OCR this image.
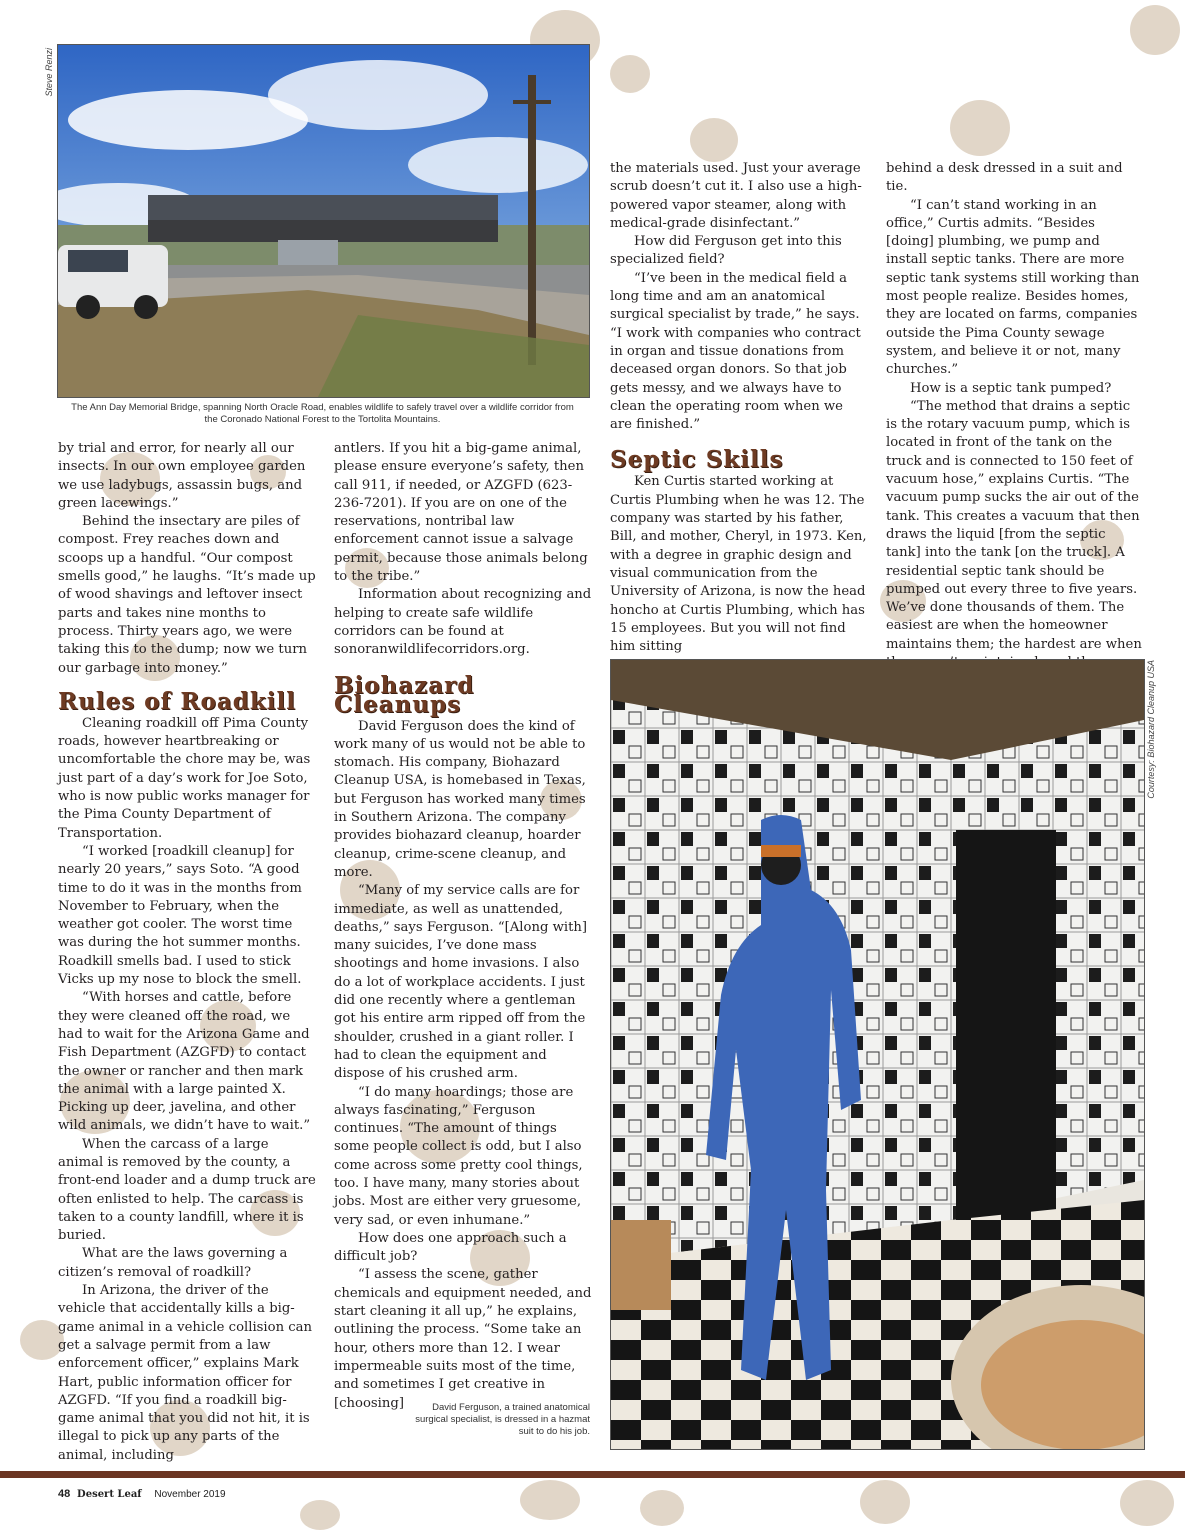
Steve Renzi
The Ann Day Memorial Bridge, spanning North Oracle Road, enables wildlife to safely travel over a wildlife corridor from the Coronado National Forest to the Tortolita Mountains.

by trial and error, for nearly all our insects. In our own employee garden we use ladybugs, assassin bugs, and green lacewings.”

Behind the insectary are piles of compost. Frey reaches down and scoops up a handful. “Our compost smells good,” he laughs. “It’s made up of wood shavings and leftover insect parts and takes nine months to process. Thirty years ago, we were taking this to the dump; now we turn our garbage into money.”

Rules of Roadkill

Cleaning roadkill off Pima County roads, however heartbreaking or uncomfortable the chore may be, was just part of a day’s work for Joe Soto, who is now public works manager for the Pima County Department of Transportation.

“I worked [roadkill cleanup] for nearly 20 years,” says Soto. “A good time to do it was in the months from November to February, when the weather got cooler. The worst time was during the hot summer months. Roadkill smells bad. I used to stick Vicks up my nose to block the smell.

“With horses and cattle, before they were cleaned off the road, we had to wait for the Arizona Game and Fish Department (AZGFD) to contact the owner or rancher and then mark the animal with a large painted X. Picking up deer, javelina, and other wild animals, we didn’t have to wait.”

When the carcass of a large animal is removed by the county, a front-end loader and a dump truck are often enlisted to help. The carcass is taken to a county landfill, where it is buried.

What are the laws governing a citizen’s removal of roadkill?

In Arizona, the driver of the vehicle that accidentally kills a big-game animal in a vehicle collision can get a salvage permit from a law enforcement officer,” explains Mark Hart, public information officer for AZGFD. “If you find a roadkill big-game animal that you did not hit, it is illegal to pick up any parts of the animal, including

antlers. If you hit a big-game animal, please ensure everyone’s safety, then call 911, if needed, or AZGFD (623-236-7201). If you are on one of the reservations, nontribal law enforcement cannot issue a salvage permit, because those animals belong to the tribe.”

Information about recognizing and helping to create safe wildlife corridors can be found at sonoranwildlifecorridors.org.

Biohazard Cleanups

David Ferguson does the kind of work many of us would not be able to stomach. His company, Biohazard Cleanup USA, is homebased in Texas, but Ferguson has worked many times in Southern Arizona. The company provides biohazard cleanup, hoarder cleanup, crime-scene cleanup, and more.

“Many of my service calls are for immediate, as well as unattended, deaths,” says Ferguson. “[Along with] many suicides, I’ve done mass shootings and home invasions. I also do a lot of workplace accidents. I just did one recently where a gentleman got his entire arm ripped off from the shoulder, crushed in a giant roller. I had to clean the equipment and dispose of his crushed arm.

“I do many hoardings; those are always fascinating,” Ferguson continues. “The amount of things some people collect is odd, but I also come across some pretty cool things, too. I have many, many stories about jobs. Most are either very gruesome, very sad, or even inhumane.”

How does one approach such a difficult job?

“I assess the scene, gather chemicals and equipment needed, and start cleaning it all up,” he explains, outlining the process. “Some take an hour, others more than 12. I wear impermeable suits most of the time, and sometimes I get creative in [choosing]	David Ferguson, a trained anatomical surgical specialist, is dressed in a hazmat suit to do his job.

the materials used. Just your average scrub doesn’t cut it. I also use a high-powered vapor steamer, along with medical-grade disinfectant.”

How did Ferguson get into this specialized field?

“I’ve been in the medical field a long time and am an anatomical surgical specialist by trade,” he says. “I work with companies who contract in organ and tissue donations from deceased organ donors. So that job gets messy, and we always have to clean the operating room when we are finished.”

Septic Skills

Ken Curtis started working at Curtis Plumbing when he was 12. The company was started by his father, Bill, and mother, Cheryl, in 1973. Ken, with a degree in graphic design and visual communication from the University of Arizona, is now the head honcho at Curtis Plumbing, which has 15 employees. But you will not find him sitting

behind a desk dressed in a suit and tie.

“I can’t stand working in an office,” Curtis admits. “Besides [doing] plumbing, we pump and install septic tanks. There are more septic tank systems still working than most people realize. Besides homes, they are located on farms, companies outside the Pima County sewage system, and believe it or not, many churches.”

How is a septic tank pumped?

“The method that drains a septic is the rotary vacuum pump, which is located in front of the tank on the truck and is connected to 150 feet of vacuum hose,” explains Curtis. “The vacuum pump sucks the air out of the tank. This creates a vacuum that then draws the liquid [from the septic tank] into the tank [on the truck]. A residential septic tank should be pumped out every three to five years. We’ve done thousands of them. The easiest are when the homeowner maintains them; the hardest are when

Courtesy: Biohazard Cleanup USA
48 Desert Leaf November 2019
